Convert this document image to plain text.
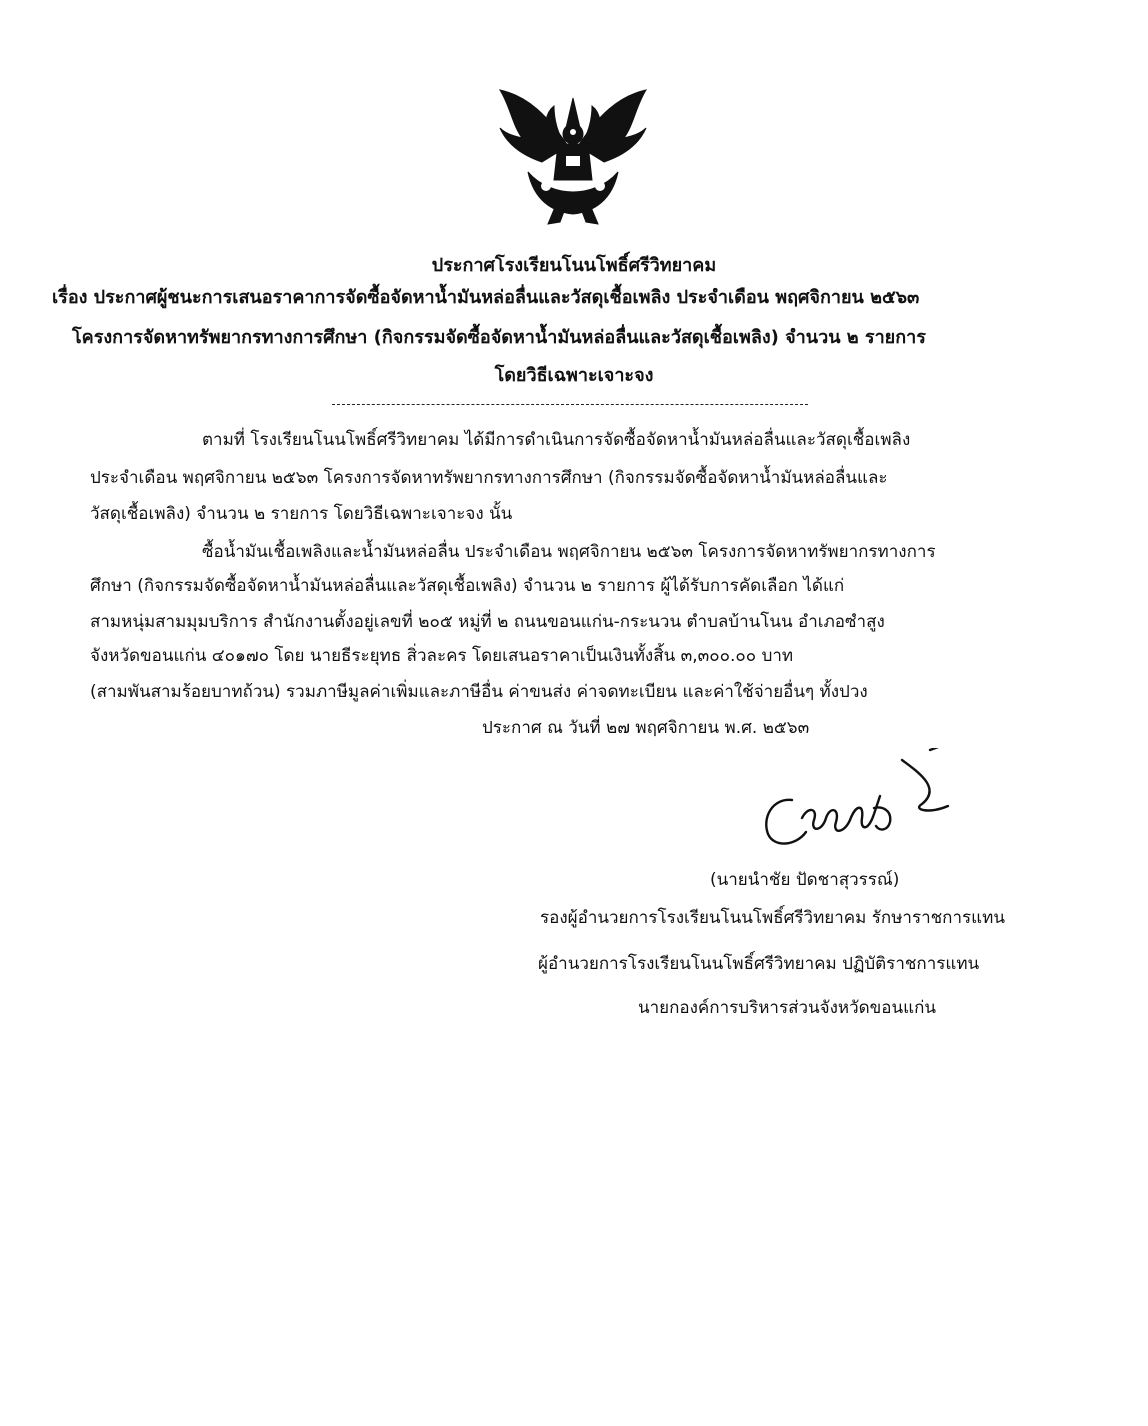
ประกาศโรงเรียนโนนโพธิ์ศรีวิทยาคม
เรื่อง ประกาศผู้ชนะการเสนอราคาการจัดซื้อจัดหาน้ำมันหล่อลื่นและวัสดุเชื้อเพลิง ประจำเดือน พฤศจิกายน ๒๕๖๓
โครงการจัดหาทรัพยากรทางการศึกษา (กิจกรรมจัดซื้อจัดหาน้ำมันหล่อลื่นและวัสดุเชื้อเพลิง) จำนวน ๒ รายการ
โดยวิธีเฉพาะเจาะจง
ตามที่ โรงเรียนโนนโพธิ์ศรีวิทยาคม ได้มีการดำเนินการจัดซื้อจัดหาน้ำมันหล่อลื่นและวัสดุเชื้อเพลิง
ประจำเดือน พฤศจิกายน ๒๕๖๓ โครงการจัดหาทรัพยากรทางการศึกษา (กิจกรรมจัดซื้อจัดหาน้ำมันหล่อลื่นและ
วัสดุเชื้อเพลิง) จำนวน ๒ รายการ โดยวิธีเฉพาะเจาะจง นั้น
ซื้อน้ำมันเชื้อเพลิงและน้ำมันหล่อลื่น ประจำเดือน พฤศจิกายน ๒๕๖๓ โครงการจัดหาทรัพยากรทางการ
ศึกษา (กิจกรรมจัดซื้อจัดหาน้ำมันหล่อลื่นและวัสดุเชื้อเพลิง) จำนวน ๒ รายการ ผู้ได้รับการคัดเลือก ได้แก่
สามหนุ่มสามมุมบริการ สำนักงานตั้งอยู่เลขที่ ๒๐๕ หมู่ที่ ๒ ถนนขอนแก่น-กระนวน ตำบลบ้านโนน อำเภอซำสูง
จังหวัดขอนแก่น ๔๐๑๗๐ โดย นายธีระยุทธ สิ่วละคร โดยเสนอราคาเป็นเงินทั้งสิ้น ๓,๓๐๐.๐๐ บาท
(สามพันสามร้อยบาทถ้วน) รวมภาษีมูลค่าเพิ่มและภาษีอื่น ค่าขนส่ง ค่าจดทะเบียน และค่าใช้จ่ายอื่นๆ ทั้งปวง
ประกาศ ณ วันที่ ๒๗ พฤศจิกายน พ.ศ. ๒๕๖๓
(นายนำชัย ปัดชาสุวรรณ์)
รองผู้อำนวยการโรงเรียนโนนโพธิ์ศรีวิทยาคม รักษาราชการแทน
ผู้อำนวยการโรงเรียนโนนโพธิ์ศรีวิทยาคม ปฏิบัติราชการแทน
นายกองค์การบริหารส่วนจังหวัดขอนแก่น
